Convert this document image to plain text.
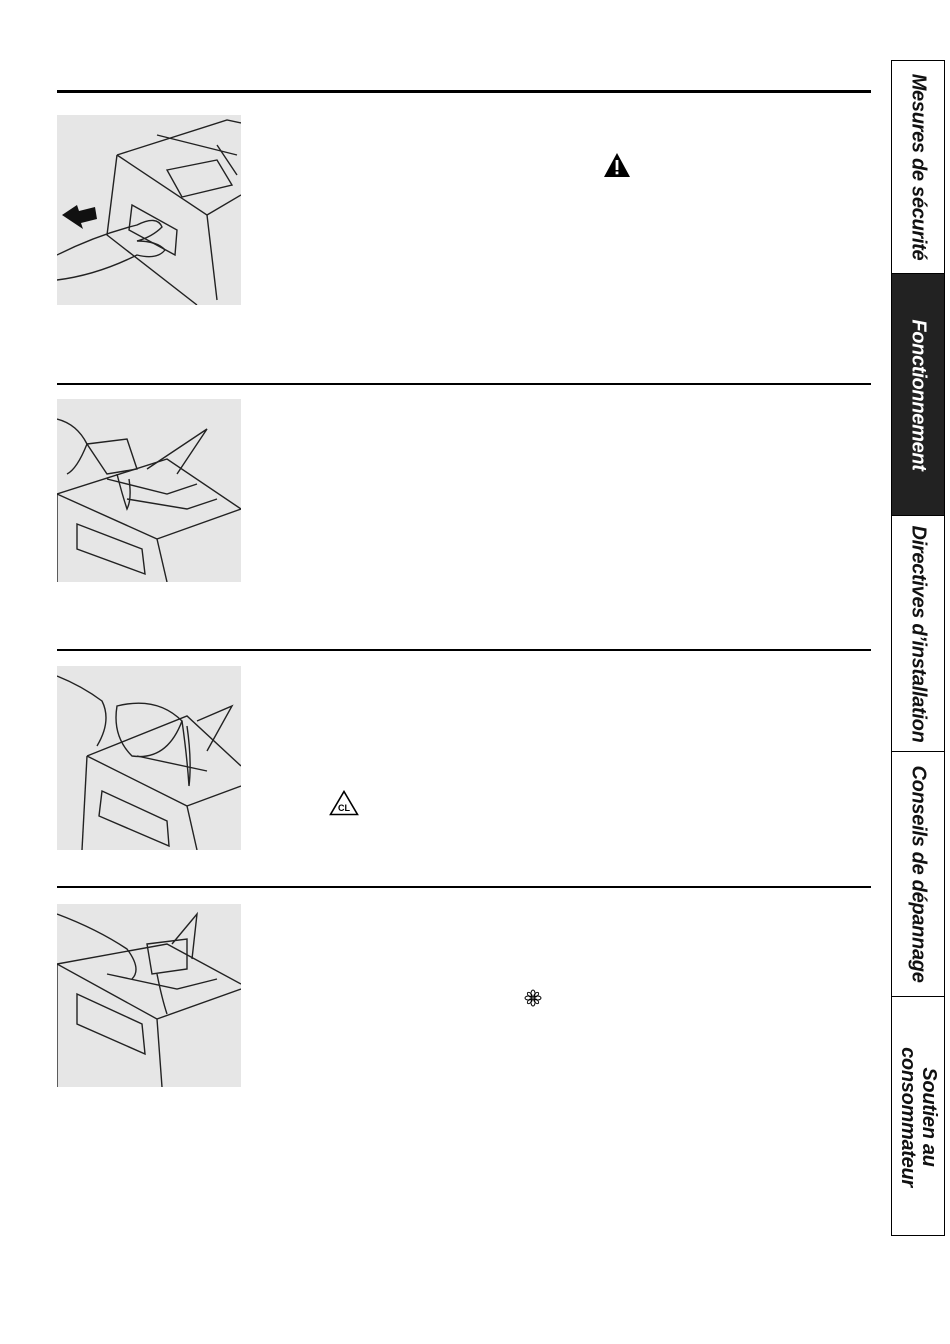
CL
Mesures de sécurité
Fonctionnement
Directives d’installation
Conseils de dépannage
Soutien au
consommateur
